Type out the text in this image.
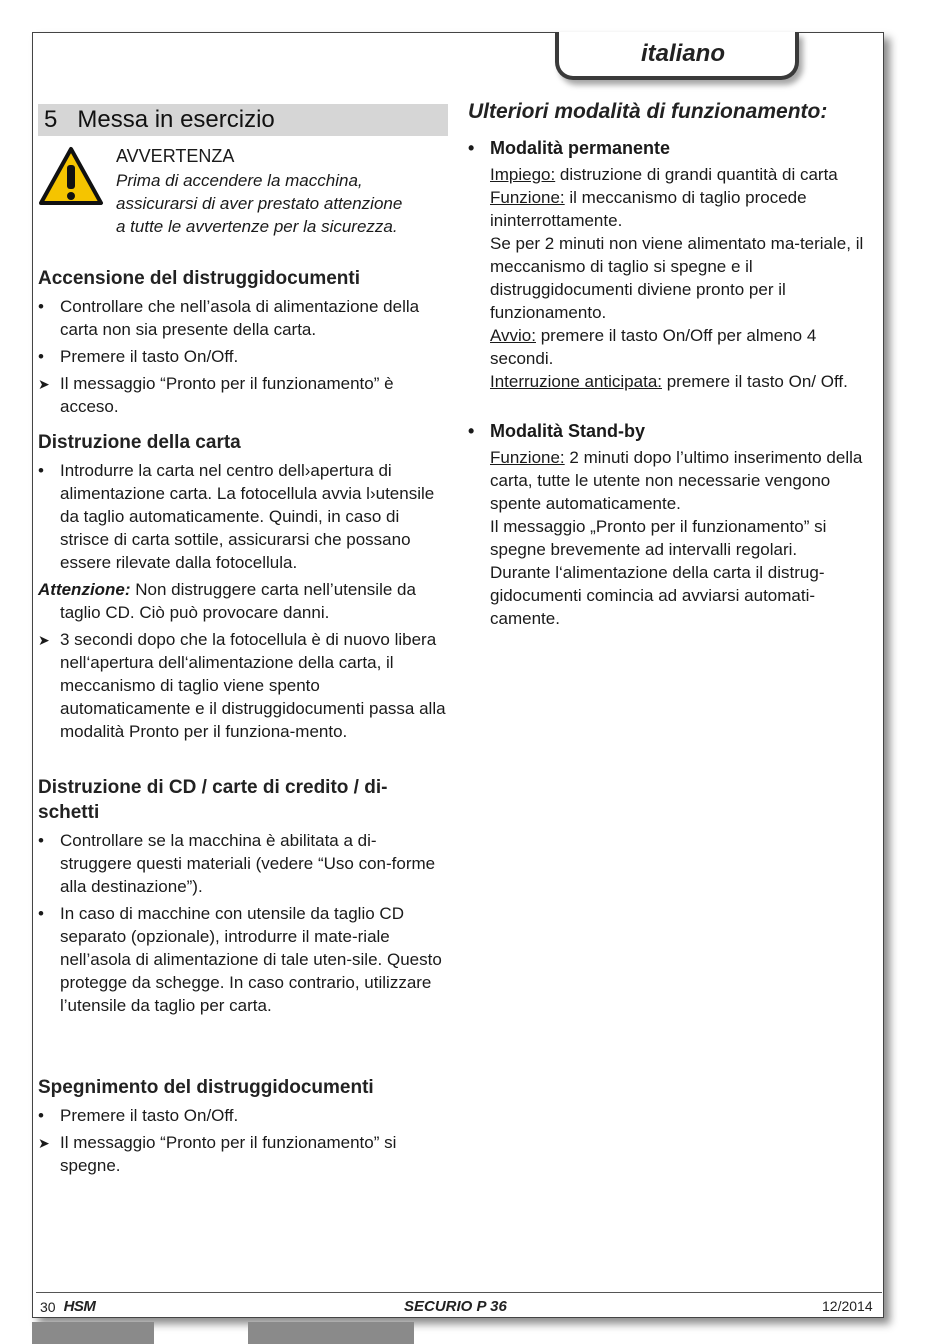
italiano
5 Messa in esercizio
AVVERTENZA
Prima di accendere la macchina,
assicurarsi di aver prestato attenzione
a tutte le avvertenze per la sicurezza.
Accensione del distruggidocumenti
• Controllare che nell’asola di alimentazione della carta non sia presente della carta.
• Premere il tasto On/Off.
➤ Il messaggio “Pronto per il funzionamento” è acceso.
Distruzione della carta
• Introdurre la carta nel centro dell›apertura di alimentazione carta. La fotocellula avvia l›utensile da taglio automaticamente. Quindi, in caso di strisce di carta sottile, assicurarsi che possano essere rilevate dalla fotocellula.
Attenzione: Non distruggere carta nell’utensile da taglio CD. Ciò può provocare danni.
➤ 3 secondi dopo che la fotocellula è di nuovo libera nell‘apertura dell‘alimentazione della carta, il meccanismo di taglio viene spento automaticamente e il distruggidocumenti passa alla modalità Pronto per il funziona-mento.
Distruzione di CD / carte di credito / di-schetti
• Controllare se la macchina è abilitata a di-struggere questi materiali (vedere “Uso con-forme alla destinazione”).
• In caso di macchine con utensile da taglio CD separato (opzionale), introdurre il mate-riale nell’asola di alimentazione di tale uten-sile. Questo protegge da schegge. In caso contrario, utilizzare l’utensile da taglio per carta.
Spegnimento del distruggidocumenti
• Premere il tasto On/Off.
➤ Il messaggio “Pronto per il funzionamento” si spegne.
Ulteriori modalità di funzionamento:
• Modalità permanente
Impiego: distruzione di grandi quantità di carta
Funzione: il meccanismo di taglio procede ininterrottamente.
Se per 2 minuti non viene alimentato ma-teriale, il meccanismo di taglio si spegne e il distruggidocumenti diviene pronto per il funzionamento.
Avvio: premere il tasto On/Off per almeno 4 secondi.
Interruzione anticipata: premere il tasto On/ Off.
• Modalità Stand-by
Funzione: 2 minuti dopo l’ultimo inserimento della carta, tutte le utente non necessarie vengono spente automaticamente.
Il messaggio „Pronto per il funzionamento” si spegne brevemente ad intervalli regolari.
Durante l‘alimentazione della carta il distrug-gidocumenti comincia ad avviarsi automati-camente.
30 HSM	SECURIO P 36	12/2014
